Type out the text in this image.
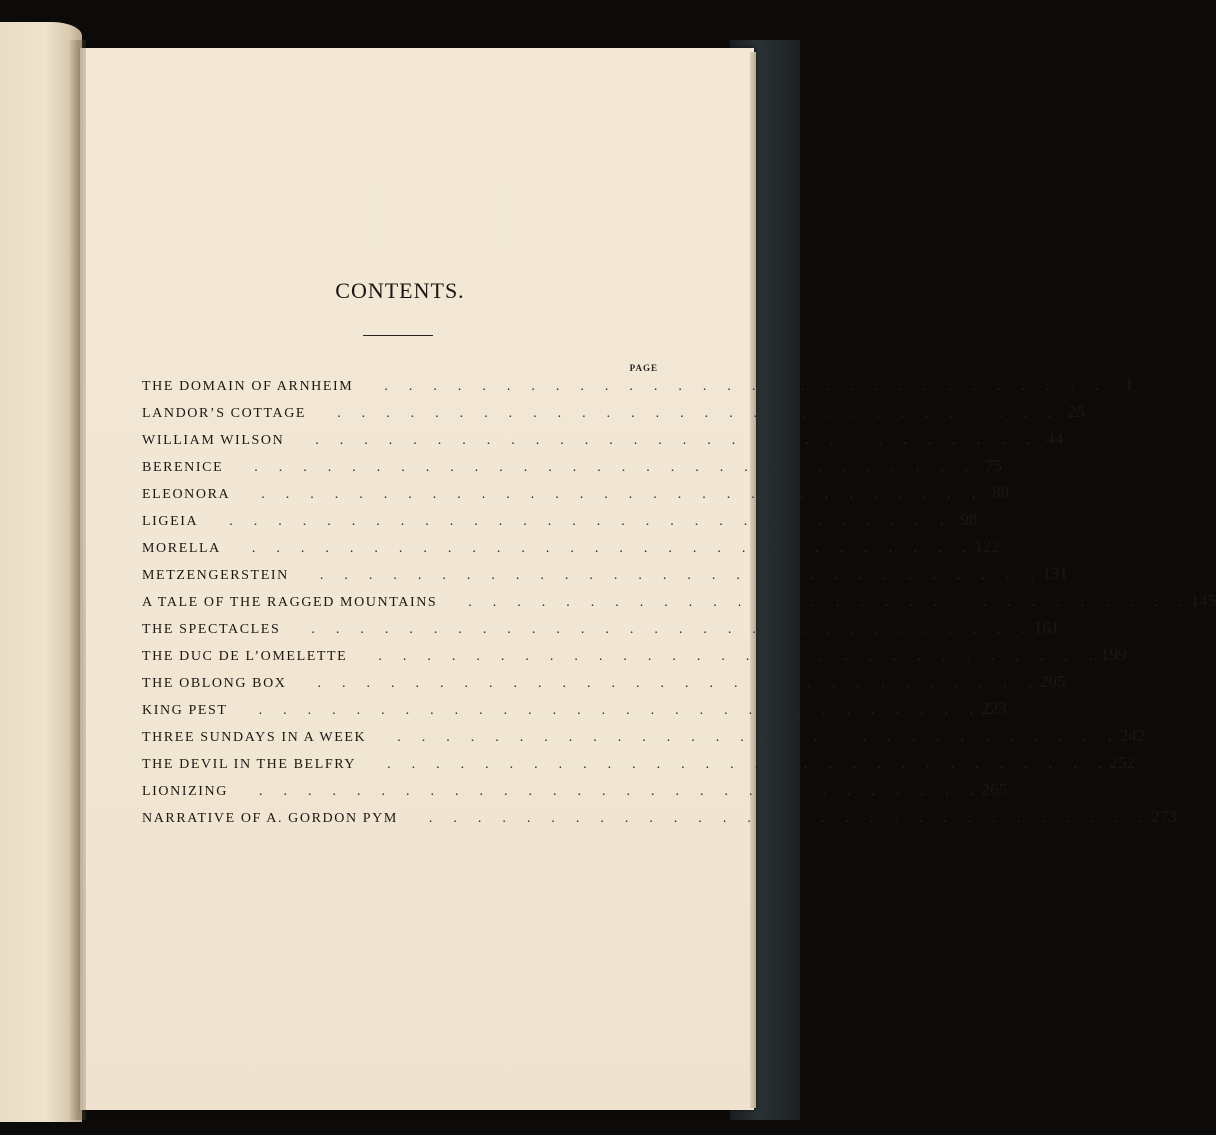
CONTENTS.
PAGE
THE DOMAIN OF ARNHEIM .   .   .   .   .   .   .   .   .   .   .   .   .   .   .   .   .   .   .   .   .   .   .   .   .   .   .   .   .   . 	I
LANDOR’S COTTAGE .   .   .   .   .   .   .   .   .   .   .   .   .   .   .   .   .   .   .   .   .   .   .   .   .   .   .   .   .   . 	25
WILLIAM WILSON .   .   .   .   .   .   .   .   .   .   .   .   .   .   .   .   .   .   .   .   .   .   .   .   .   .   .   .   .   . 	44
BERENICE .   .   .   .   .   .   .   .   .   .   .   .   .   .   .   .   .   .   .   .   .   .   .   .   .   .   .   .   .   . 	75
ELEONORA .   .   .   .   .   .   .   .   .   .   .   .   .   .   .   .   .   .   .   .   .   .   .   .   .   .   .   .   .   . 	88
LIGEIA .   .   .   .   .   .   .   .   .   .   .   .   .   .   .   .   .   .   .   .   .   .   .   .   .   .   .   .   .   . 	98
MORELLA .   .   .   .   .   .   .   .   .   .   .   .   .   .   .   .   .   .   .   .   .   .   .   .   .   .   .   .   .   .  122
METZENGERSTEIN .   .   .   .   .   .   .   .   .   .   .   .   .   .   .   .   .   .   .   .   .   .   .   .   .   .   .   .   .   .  131
A TALE OF THE RAGGED MOUNTAINS .   .   .   .   .   .   .   .   .   .   .   .   .   .   .   .   .   .   .   .   .   .   .   .   .   .   .   .   .   .  145
THE SPECTACLES .   .   .   .   .   .   .   .   .   .   .   .   .   .   .   .   .   .   .   .   .   .   .   .   .   .   .   .   .   .  161
THE DUC DE L’OMELETTE .   .   .   .   .   .   .   .   .   .   .   .   .   .   .   .   .   .   .   .   .   .   .   .   .   .   .   .   .   .  199
THE OBLONG BOX .   .   .   .   .   .   .   .   .   .   .   .   .   .   .   .   .   .   .   .   .   .   .   .   .   .   .   .   .   .  205
KING PEST .   .   .   .   .   .   .   .   .   .   .   .   .   .   .   .   .   .   .   .   .   .   .   .   .   .   .   .   .   .  223
THREE SUNDAYS IN A WEEK .   .   .   .   .   .   .   .   .   .   .   .   .   .   .   .   .   .   .   .   .   .   .   .   .   .   .   .   .   .  242
THE DEVIL IN THE BELFRY .   .   .   .   .   .   .   .   .   .   .   .   .   .   .   .   .   .   .   .   .   .   .   .   .   .   .   .   .   .  252
LIONIZING .   .   .   .   .   .   .   .   .   .   .   .   .   .   .   .   .   .   .   .   .   .   .   .   .   .   .   .   .   .  265
NARRATIVE OF A. GORDON PYM .   .   .   .   .   .   .   .   .   .   .   .   .   .   .   .   .   .   .   .   .   .   .   .   .   .   .   .   .   .  273
